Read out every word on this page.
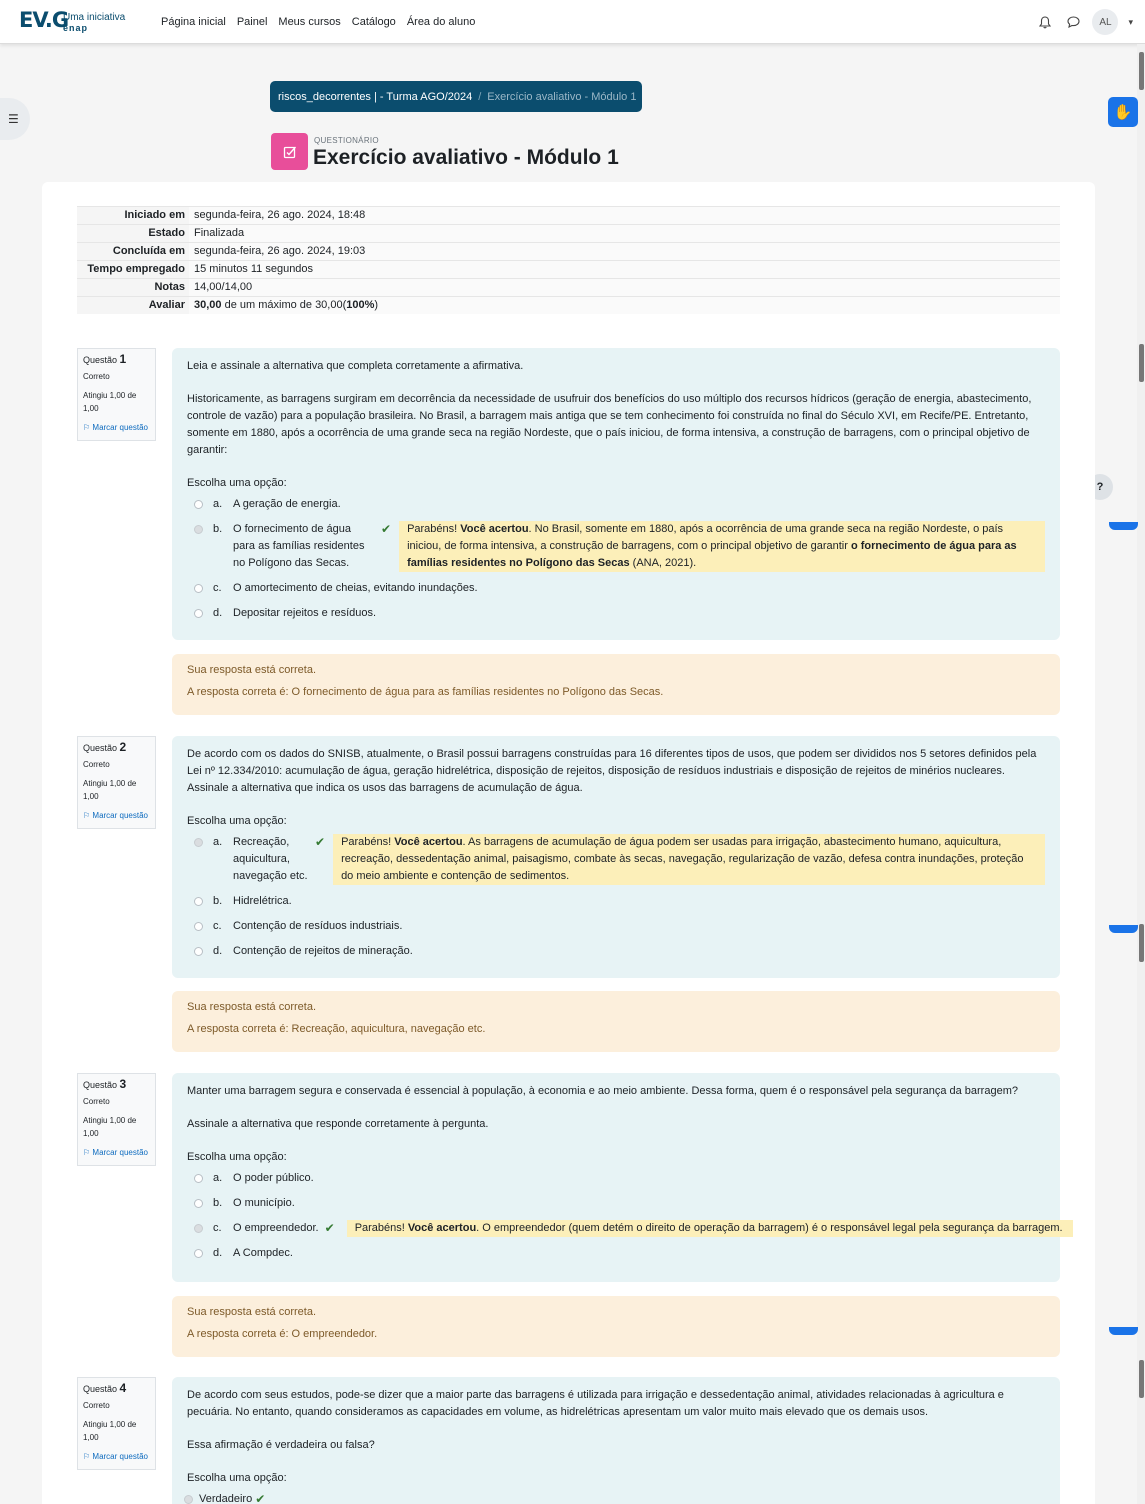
EV.G
Uma iniciativa
enap	Página inicial Painel Meus cursos Catálogo Área do aluno	AL	▾
☰	✋
?
riscos_decorrentes | - Turma AGO/2024 / Exercício avaliativo - Módulo 1
QUESTIONÁRIO
Exercício avaliativo - Módulo 1
Iniciado em	segunda-feira, 26 ago. 2024, 18:48
Estado	Finalizada
Concluída em	segunda-feira, 26 ago. 2024, 19:03
Tempo empregado	15 minutos 11 segundos
Notas	14,00/14,00
Avaliar	30,00 de um máximo de 30,00(100%)
Questão 1
Correto
Atingiu 1,00 de 1,00
⚐ Marcar questão

Leia e assinale a alternativa que completa corretamente a afirmativa.

Historicamente, as barragens surgiram em decorrência da necessidade de usufruir dos benefícios do uso múltiplo dos recursos hídricos (geração de energia, abastecimento, controle de vazão) para a população brasileira. No Brasil, a barragem mais antiga que se tem conhecimento foi construída no final do Século XVI, em Recife/PE. Entretanto, somente em 1880, após a ocorrência de uma grande seca na região Nordeste, que o país iniciou, de forma intensiva, a construção de barragens, com o principal objetivo de garantir:

Escolha uma opção:
a. A geração de energia.
b. O fornecimento de água para as famílias residentes no Polígono das Secas.
✔	Parabéns! Você acertou. No Brasil, somente em 1880, após a ocorrência de uma grande seca na região Nordeste, o país iniciou, de forma intensiva, a construção de barragens, com o principal objetivo de garantir o fornecimento de água para as famílias residentes no Polígono das Secas (ANA, 2021).
c.	O amortecimento de cheias, evitando inundações.
d. Depositar rejeitos e resíduos.

Sua resposta está correta.

A resposta correta é: O fornecimento de água para as famílias residentes no Polígono das Secas.

Questão 2
Correto
Atingiu 1,00 de 1,00
⚐ Marcar questão

De acordo com os dados do SNISB, atualmente, o Brasil possui barragens construídas para 16 diferentes tipos de usos, que podem ser divididos nos 5 setores definidos pela Lei nº 12.334/2010: acumulação de água, geração hidrelétrica, disposição de rejeitos, disposição de resíduos industriais e disposição de rejeitos de minérios nucleares. Assinale a alternativa que indica os usos das barragens de acumulação de água.

Escolha uma opção:
a. Recreação, aquicultura, navegação etc.
✔	Parabéns! Você acertou. As barragens de acumulação de água podem ser usadas para irrigação, abastecimento humano, aquicultura, recreação, dessedentação animal, paisagismo, combate às secas, navegação, regularização de vazão, defesa contra inundações, proteção do meio ambiente e contenção de sedimentos.
b. Hidrelétrica.
c.	Contenção de resíduos industriais.
d. Contenção de rejeitos de mineração.

Sua resposta está correta.

A resposta correta é: Recreação, aquicultura, navegação etc.

Questão 3
Correto
Atingiu 1,00 de 1,00
⚐ Marcar questão

Manter uma barragem segura e conservada é essencial à população, à economia e ao meio ambiente. Dessa forma, quem é o responsável pela segurança da barragem?

Assinale a alternativa que responde corretamente à pergunta.

Escolha uma opção:
a. O poder público.
b. O município.
c.	O empreendedor. ✔	Parabéns! Você acertou. O empreendedor (quem detém o direito de operação da barragem) é o responsável legal pela segurança da barragem.
d. A Compdec.

Sua resposta está correta.

A resposta correta é: O empreendedor.

Questão 4
Correto
Atingiu 1,00 de 1,00
⚐ Marcar questão

De acordo com seus estudos, pode-se dizer que a maior parte das barragens é utilizada para irrigação e dessedentação animal, atividades relacionadas à agricultura e pecuária. No entanto, quando consideramos as capacidades em volume, as hidrelétricas apresentam um valor muito mais elevado que os demais usos.

Essa afirmação é verdadeira ou falsa?

Escolha uma opção:
Verdadeiro ✔
